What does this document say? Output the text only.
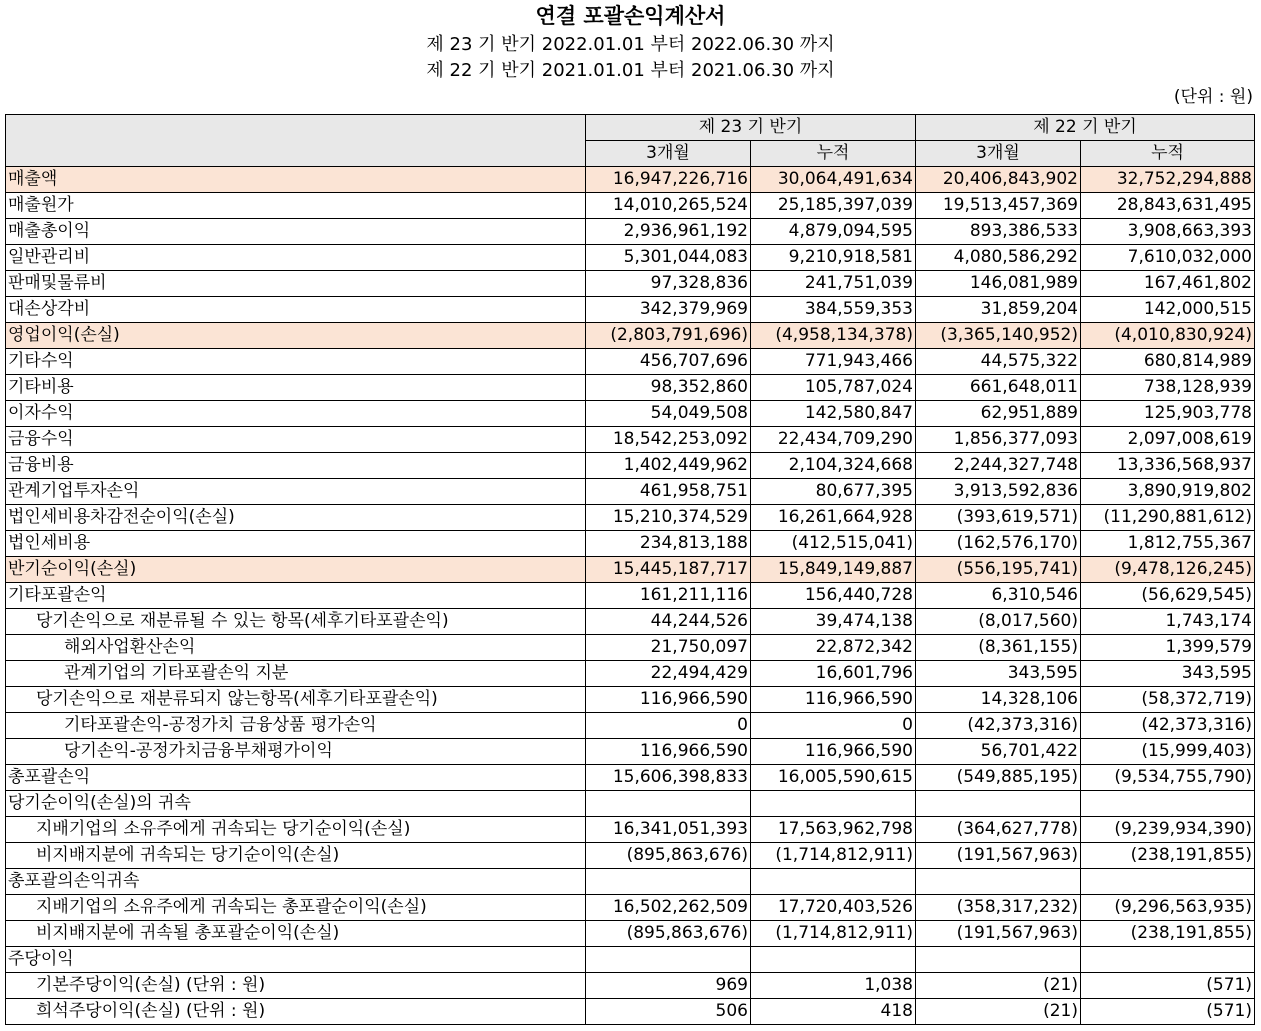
연결 포괄손익계산서
제 23 기 반기 2022.01.01 부터 2022.06.30 까지
제 22 기 반기 2021.01.01 부터 2021.06.30 까지
(단위 : 원)
	제 23 기 반기		제 22 기 반기	
	3개월	누적	3개월	누적
매출액	16,947,226,716	30,064,491,634	20,406,843,902	32,752,294,888
매출원가	14,010,265,524	25,185,397,039	19,513,457,369	28,843,631,495
매출총이익	2,936,961,192	4,879,094,595	893,386,533	3,908,663,393
일반관리비	5,301,044,083	9,210,918,581	4,080,586,292	7,610,032,000
판매및물류비	97,328,836	241,751,039	146,081,989	167,461,802
대손상각비	342,379,969	384,559,353	31,859,204	142,000,515
영업이익(손실)	(2,803,791,696)	(4,958,134,378)	(3,365,140,952)	(4,010,830,924)
기타수익	456,707,696	771,943,466	44,575,322	680,814,989
기타비용	98,352,860	105,787,024	661,648,011	738,128,939
이자수익	54,049,508	142,580,847	62,951,889	125,903,778
금융수익	18,542,253,092	22,434,709,290	1,856,377,093	2,097,008,619
금융비용	1,402,449,962	2,104,324,668	2,244,327,748	13,336,568,937
관계기업투자손익	461,958,751	80,677,395	3,913,592,836	3,890,919,802
법인세비용차감전순이익(손실)	15,210,374,529	16,261,664,928	(393,619,571)	(11,290,881,612)
법인세비용	234,813,188	(412,515,041)	(162,576,170)	1,812,755,367
반기순이익(손실)	15,445,187,717	15,849,149,887	(556,195,741)	(9,478,126,245)
기타포괄손익	161,211,116	156,440,728	6,310,546	(56,629,545)
당기손익으로 재분류될 수 있는 항목(세후기타포괄손익)	44,244,526	39,474,138	(8,017,560)	1,743,174
해외사업환산손익	21,750,097	22,872,342	(8,361,155)	1,399,579
관계기업의 기타포괄손익 지분	22,494,429	16,601,796	343,595	343,595
당기손익으로 재분류되지 않는항목(세후기타포괄손익)	116,966,590	116,966,590	14,328,106	(58,372,719)
기타포괄손익-공정가치 금융상품 평가손익	0	0	(42,373,316)	(42,373,316)
당기손익-공정가치금융부채평가이익	116,966,590	116,966,590	56,701,422	(15,999,403)
총포괄손익	15,606,398,833	16,005,590,615	(549,885,195)	(9,534,755,790)
당기순이익(손실)의 귀속				
지배기업의 소유주에게 귀속되는 당기순이익(손실)	16,341,051,393	17,563,962,798	(364,627,778)	(9,239,934,390)
비지배지분에 귀속되는 당기순이익(손실)	(895,863,676)	(1,714,812,911)	(191,567,963)	(238,191,855)
총포괄의손익귀속				
지배기업의 소유주에게 귀속되는 총포괄순이익(손실)	16,502,262,509	17,720,403,526	(358,317,232)	(9,296,563,935)
비지배지분에 귀속될 총포괄순이익(손실)	(895,863,676)	(1,714,812,911)	(191,567,963)	(238,191,855)
주당이익				
기본주당이익(손실) (단위 : 원)	969	1,038	(21)	(571)
희석주당이익(손실) (단위 : 원)	506	418	(21)	(571)
